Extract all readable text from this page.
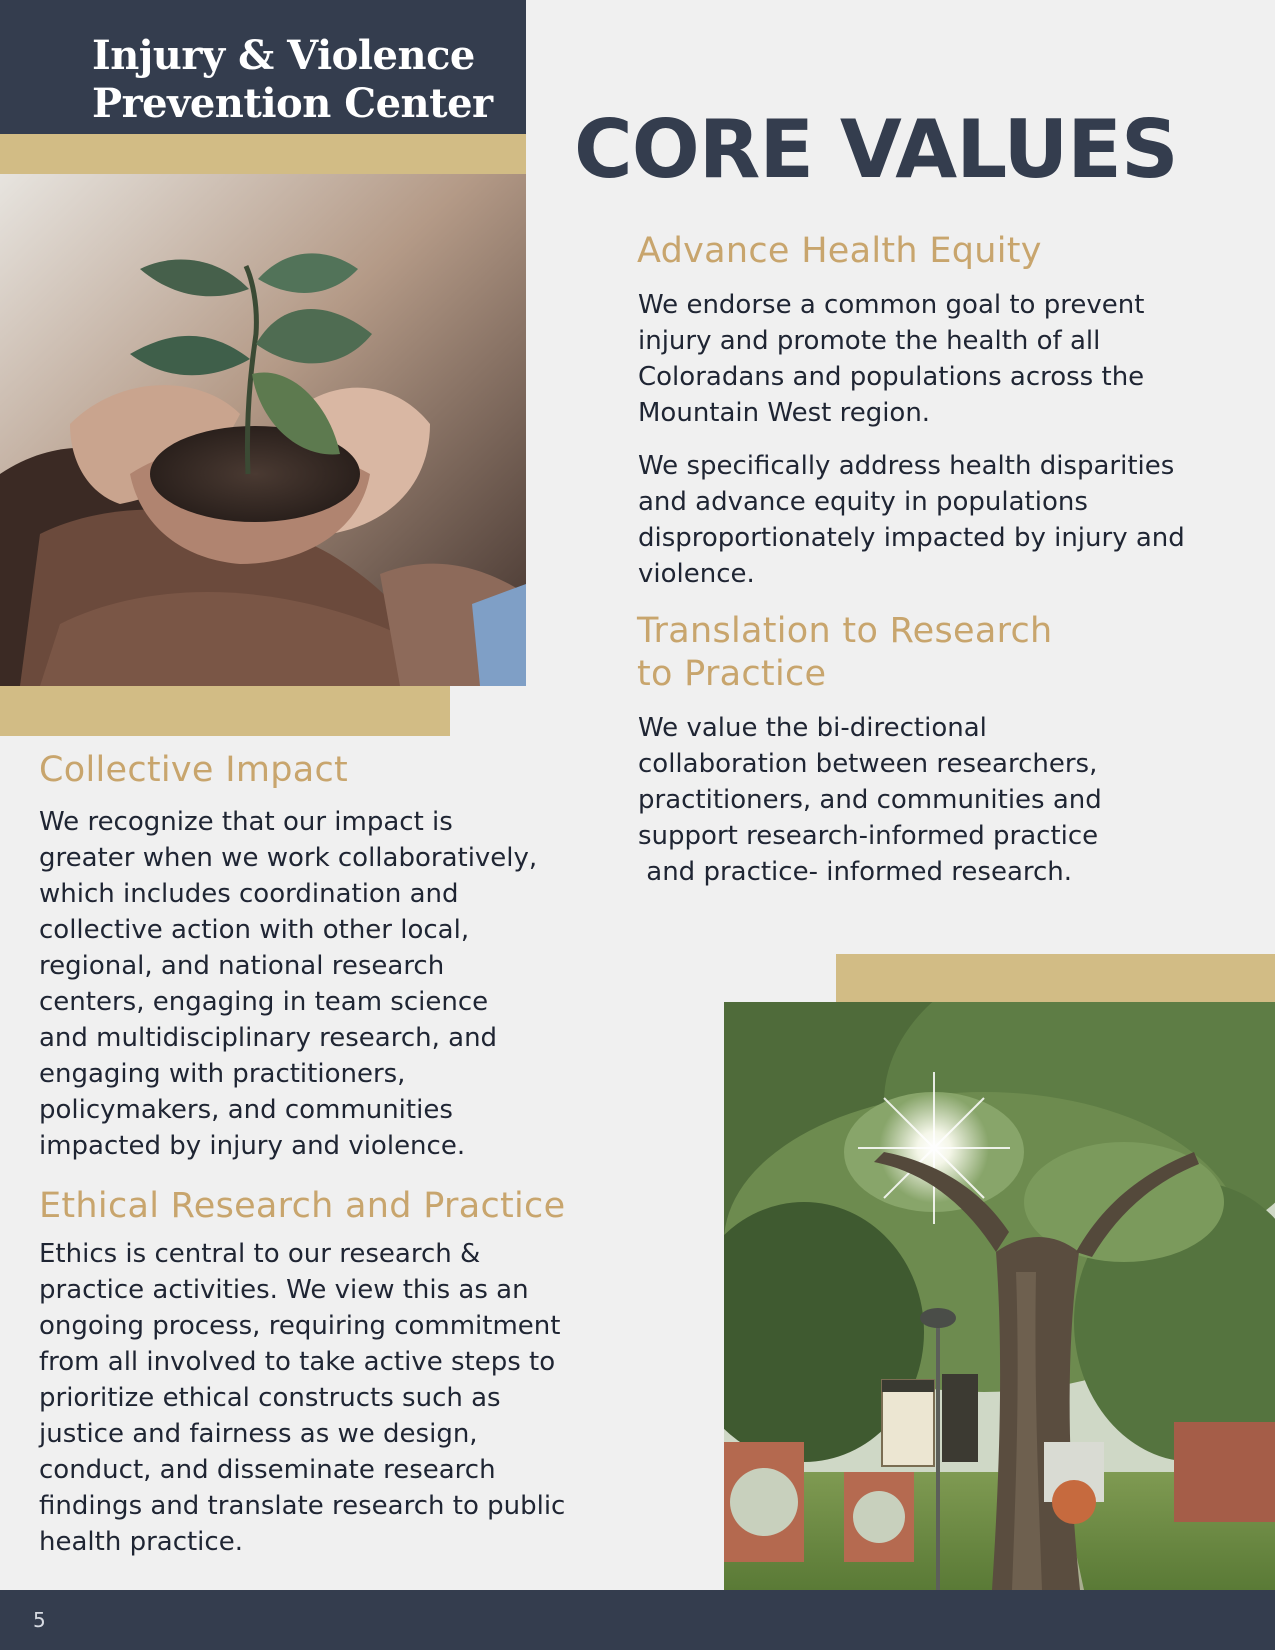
Injury & Violence
Prevention Center	CORE VALUES
Advance Health Equity

We endorse a common goal to prevent
injury and promote the health of all
Coloradans and populations across the
Mountain West region.

We specifically address health disparities
and advance equity in populations
disproportionately impacted by injury and
violence.

Translation to Research
to Practice

We value the bi-directional
collaboration between researchers,
practitioners, and communities and
support research-informed practice
and practice- informed research.

Collective Impact

We recognize that our impact is
greater when we work collaboratively,
which includes coordination and
collective action with other local,
regional, and national research
centers, engaging in team science
and multidisciplinary research, and
engaging with practitioners,
policymakers, and communities
impacted by injury and violence.

Ethical Research and Practice

Ethics is central to our research &
practice activities. We view this as an
ongoing process, requiring commitment
from all involved to take active steps to
prioritize ethical constructs such as
justice and fairness as we design,
conduct, and disseminate research
findings and translate research to public
health practice.

5
